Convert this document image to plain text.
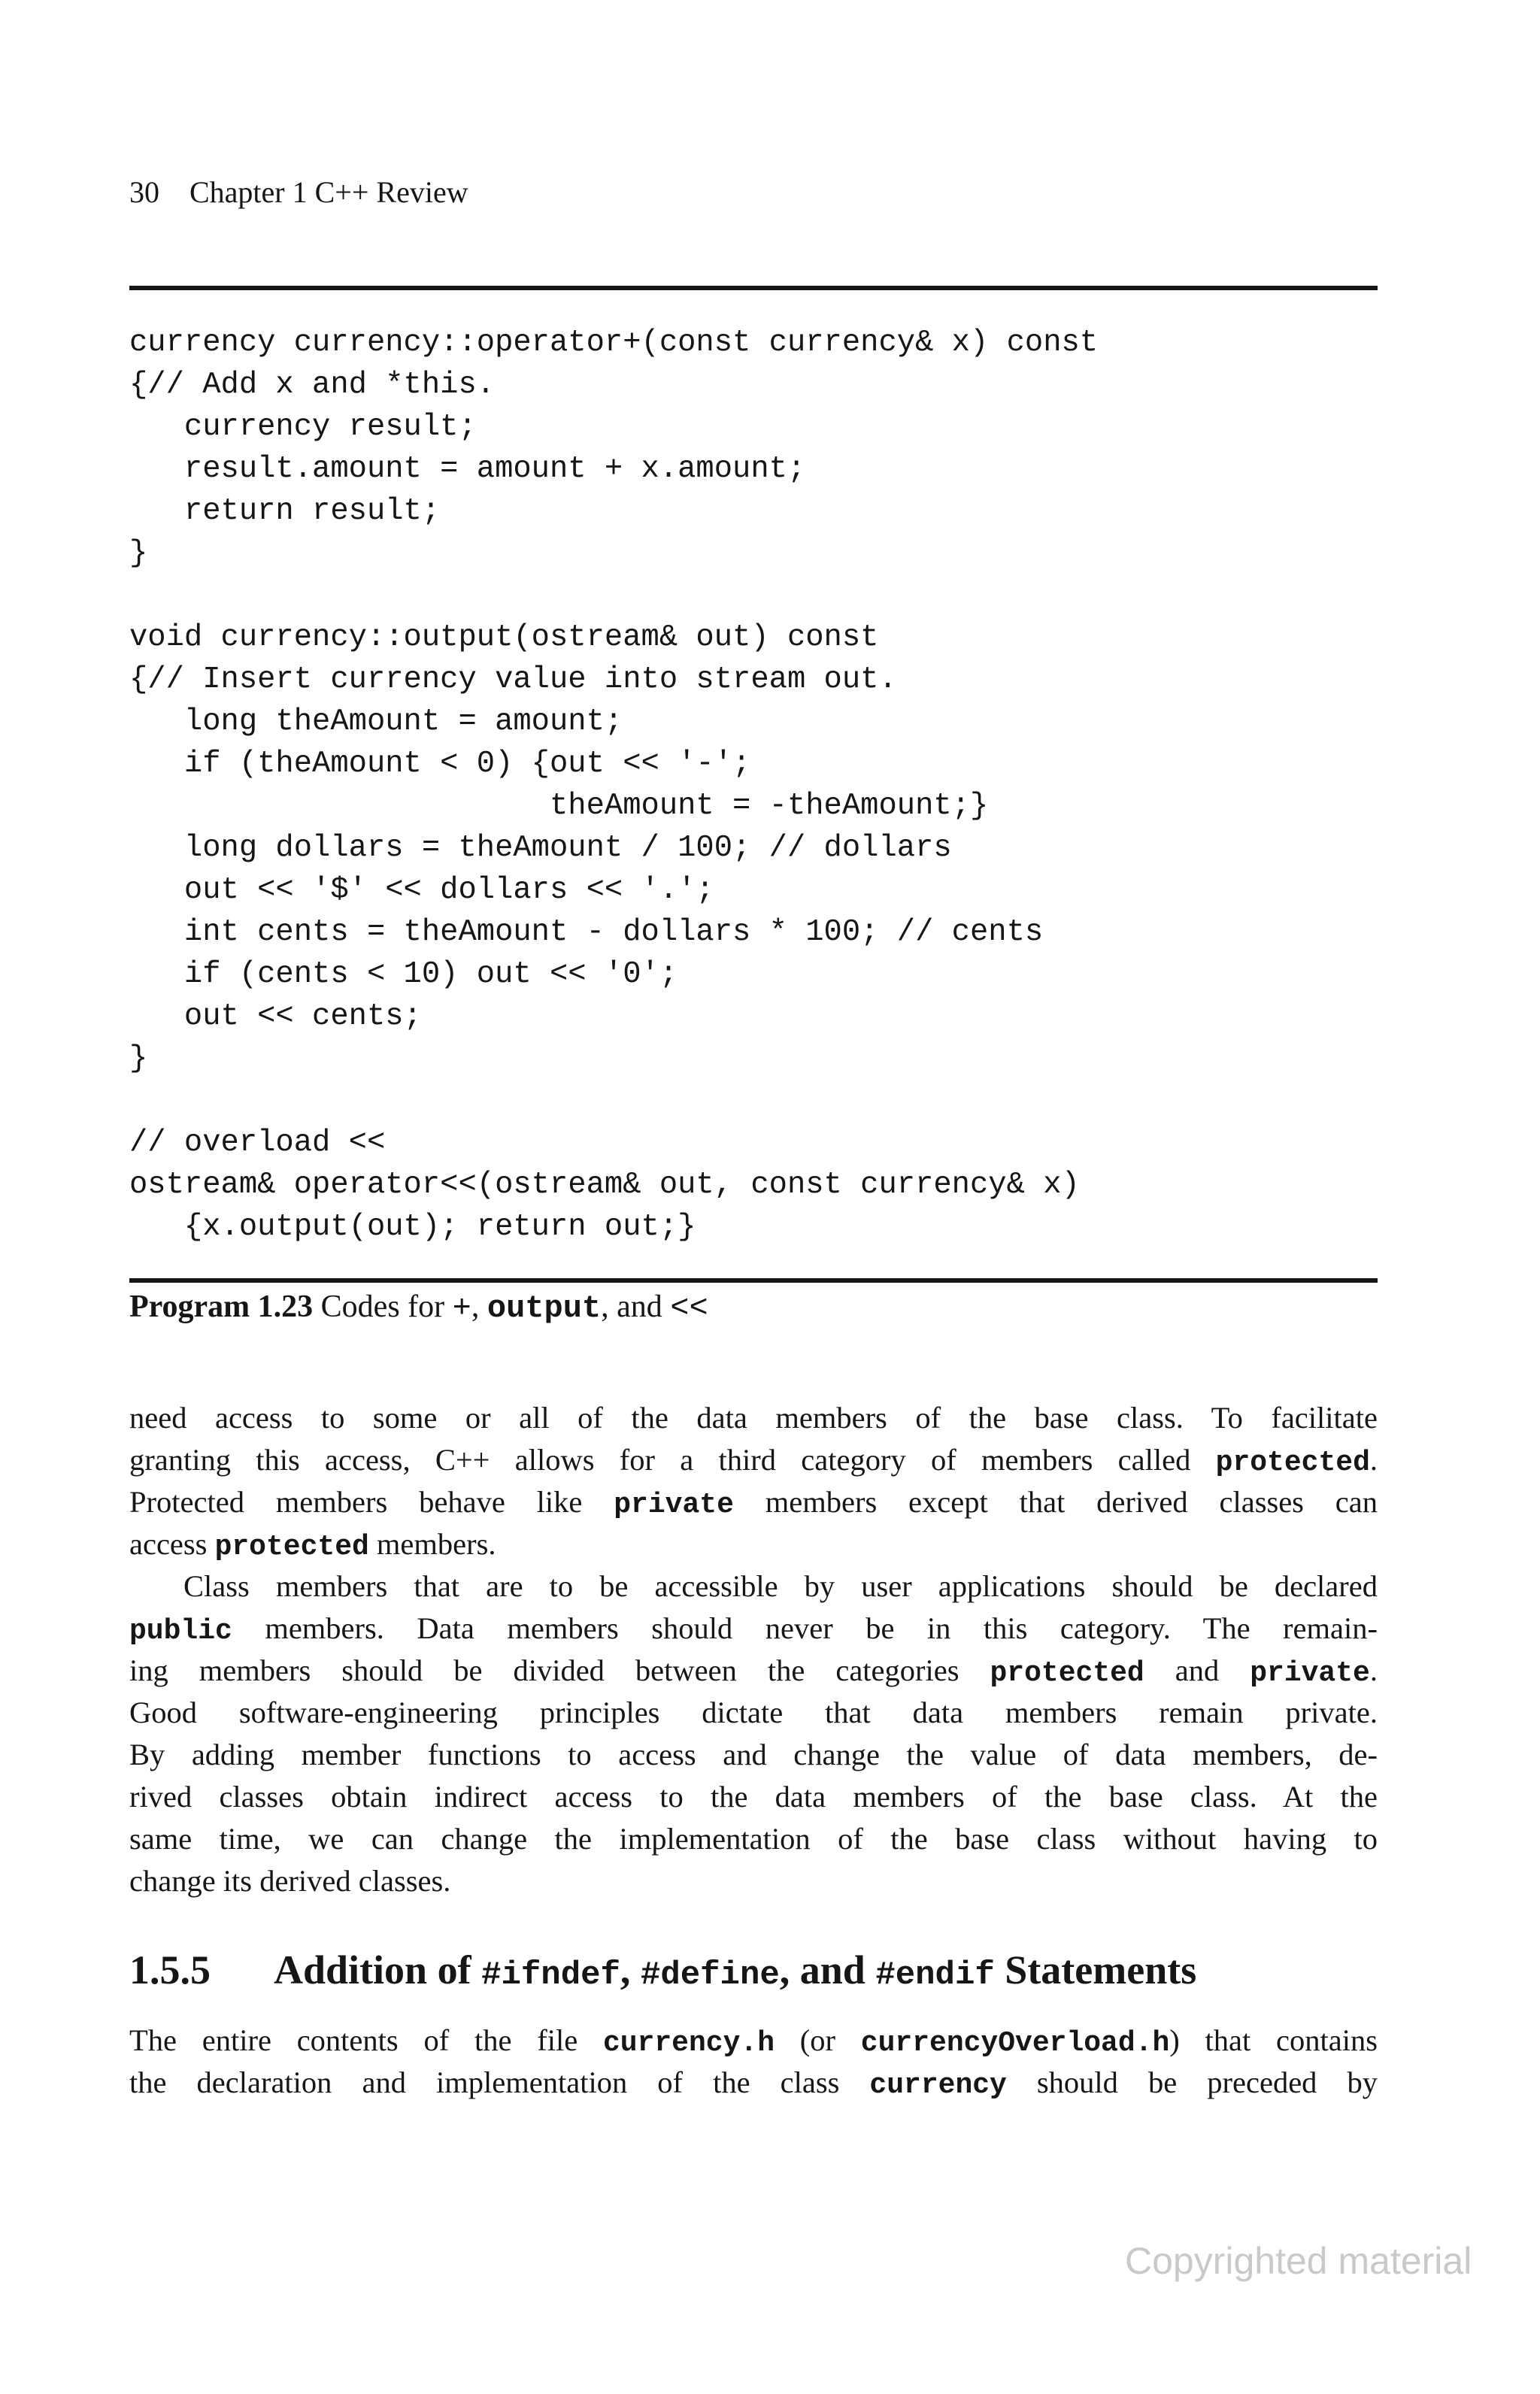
30 Chapter 1 C++ Review
currency currency::operator+(const currency& x) const
{// Add x and *this.
currency result;
result.amount = amount + x.amount;
return result;
}
void currency::output(ostream& out) const
{// Insert currency value into stream out.
long theAmount = amount;
if (theAmount < 0) {out << '-';
theAmount = -theAmount;}
long dollars = theAmount / 100; // dollars
out << '$' << dollars << '.';
int cents = theAmount - dollars * 100; // cents
if (cents < 10) out << '0';
out << cents;
}
// overload <<
ostream& operator<<(ostream& out, const currency& x)
{x.output(out); return out;}
Program 1.23 Codes for +, output, and <<
need access to some or all of the data members of the base class. To facilitate
granting this access, C++ allows for a third category of members called protected.
Protected members behave like private members except that derived classes can
access protected members.
Class members that are to be accessible by user applications should be declared
public members. Data members should never be in this category. The remain-
ing members should be divided between the categories protected and private.
Good software-engineering principles dictate that data members remain private.
By adding member functions to access and change the value of data members, de-
rived classes obtain indirect access to the data members of the base class. At the
same time, we can change the implementation of the base class without having to
change its derived classes.
1.5.5 Addition of #ifndef, #define, and #endif Statements
The entire contents of the file currency.h (or currencyOverload.h) that contains
the declaration and implementation of the class currency should be preceded by
Copyrighted material
